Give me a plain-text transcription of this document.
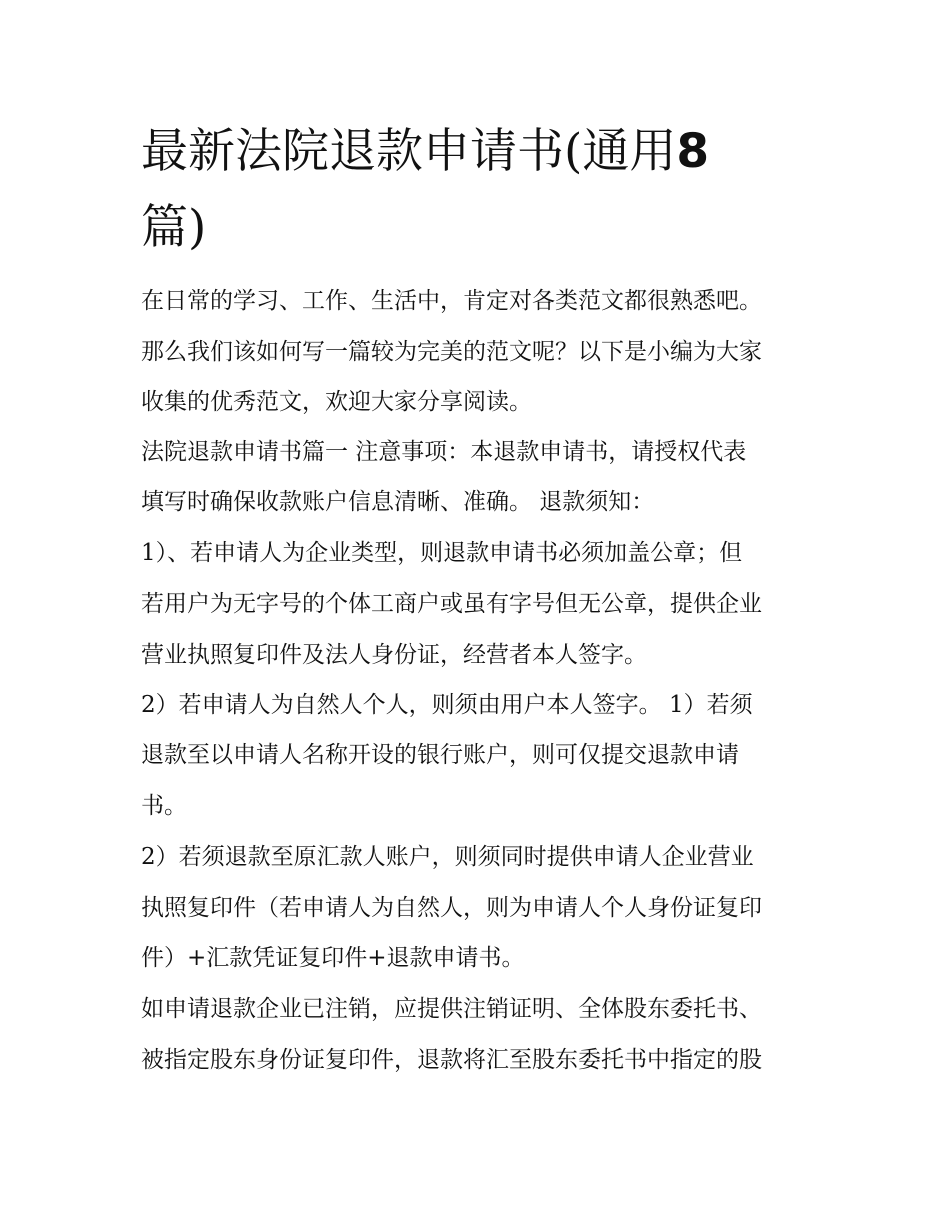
最新法院退款申请书(通用8
篇)

在日常的学习、工作、生活中，肯定对各类范文都很熟悉吧。

那么我们该如何写一篇较为完美的范文呢？以下是小编为大家

收集的优秀范文，欢迎大家分享阅读。

法院退款申请书篇一 注意事项：本退款申请书，请授权代表

填写时确保收款账户信息清晰、准确。 退款须知：

1）、若申请人为企业类型，则退款申请书必须加盖公章；但

若用户为无字号的个体工商户或虽有字号但无公章，提供企业

营业执照复印件及法人身份证，经营者本人签字。

2）若申请人为自然人个人，则须由用户本人签字。 1）若须

退款至以申请人名称开设的银行账户，则可仅提交退款申请

书。

2）若须退款至原汇款人账户，则须同时提供申请人企业营业

执照复印件（若申请人为自然人，则为申请人个人身份证复印

件）+汇款凭证复印件+退款申请书。

如申请退款企业已注销，应提供注销证明、全体股东委托书、

被指定股东身份证复印件，退款将汇至股东委托书中指定的股
